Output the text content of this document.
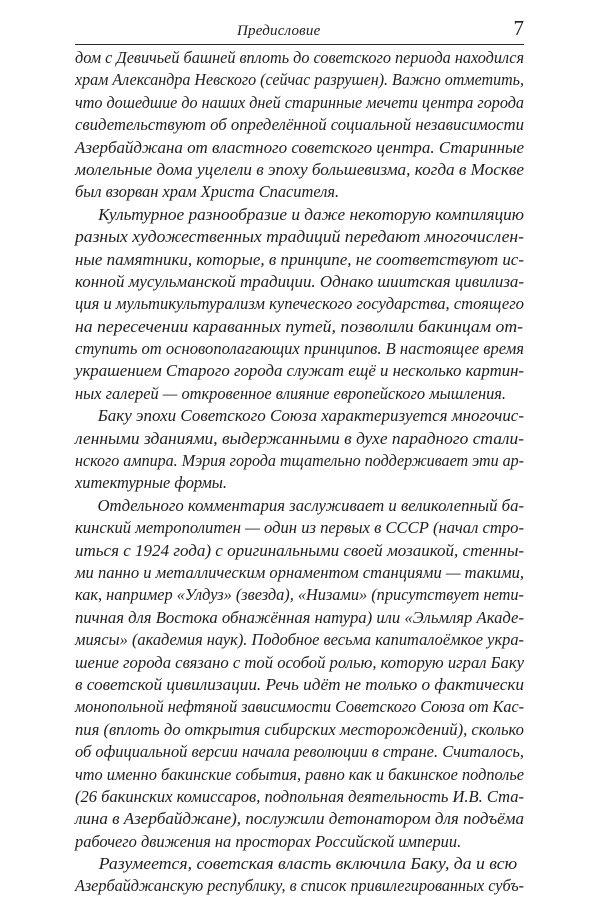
Предисловие	7
дом с Девичьей башней вплоть до советского периода находился
храм Александра Невского (сейчас разрушен). Важно отметить,
что дошедшие до наших дней старинные мечети центра города
свидетельствуют об определённой социальной независимости
Азербайджана от властного советского центра. Старинные
молельные дома уцелели в эпоху большевизма, когда в Москве
был взорван храм Христа Спасителя.
Культурное разнообразие и даже некоторую компиляцию
разных художественных традиций передают многочислен-
ные памятники, которые, в принципе, не соответствуют ис-
конной мусульманской традиции. Однако шиитская цивилиза-
ция и мультикультурализм купеческого государства, стоящего
на пересечении караванных путей, позволили бакинцам от-
ступить от основополагающих принципов. В настоящее время
украшением Старого города служат ещё и несколько картин-
ных галерей — откровенное влияние европейского мышления.
Баку эпохи Советского Союза характеризуется многочис-
ленными зданиями, выдержанными в духе парадного стали-
нского ампира. Мэрия города тщательно поддерживает эти ар-
хитектурные формы.
Отдельного комментария заслуживает и великолепный ба-
кинский метрополитен — один из первых в СССР (начал стро-
иться с 1924 года) с оригинальными своей мозаикой, стенны-
ми панно и металлическим орнаментом станциями — такими,
как, например «Улдуз» (звезда), «Низами» (присутствует нети-
пичная для Востока обнажённая натура) или «Эльмляр Акаде-
миясы» (академия наук). Подобное весьма капиталоёмкое укра-
шение города связано с той особой ролью, которую играл Баку
в советской цивилизации. Речь идёт не только о фактически
монопольной нефтяной зависимости Советского Союза от Кас-
пия (вплоть до открытия сибирских месторождений), сколько
об официальной версии начала революции в стране. Считалось,
что именно бакинские события, равно как и бакинское подполье
(26 бакинских комиссаров, подпольная деятельность И.В. Ста-
лина в Азербайджане), послужили детонатором для подъёма
рабочего движения на просторах Российской империи.
Разумеется, советская власть включила Баку, да и всю
Азербайджанскую республику, в список привилегированных субъ-
